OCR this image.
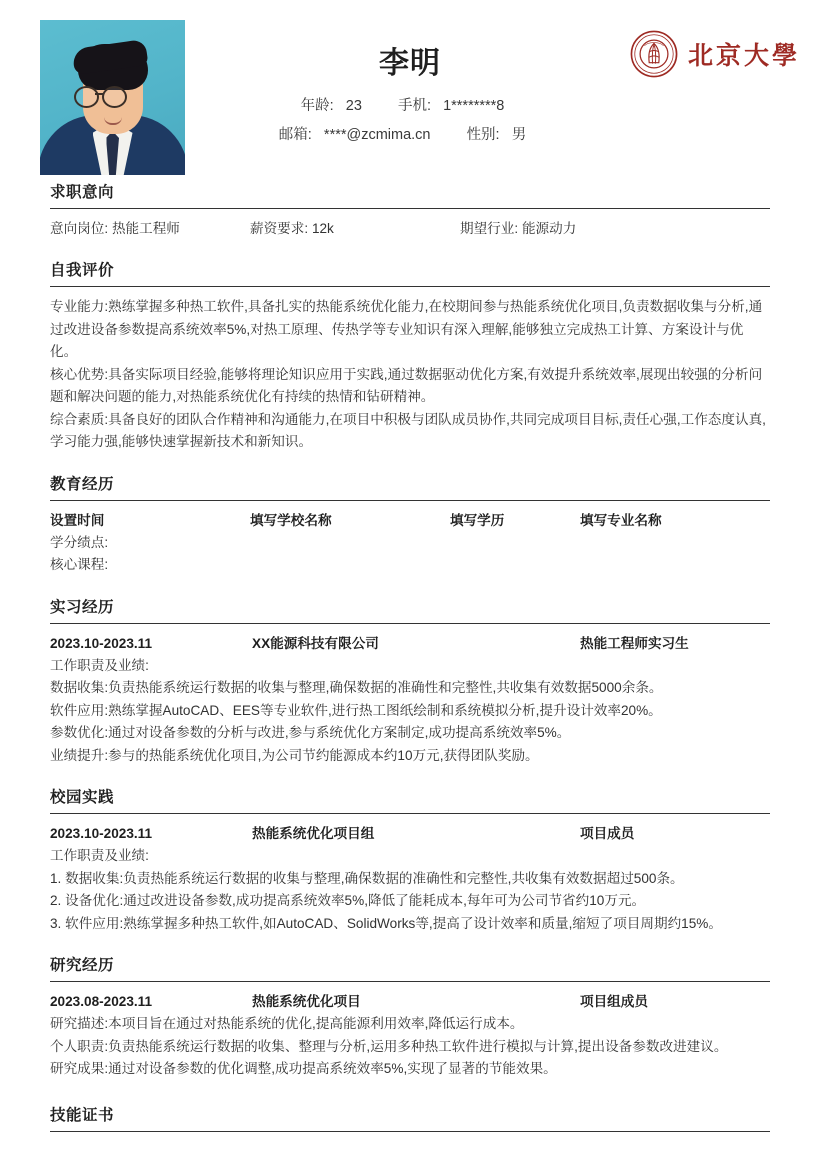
李明
年龄: 23 手机: 1********8
邮箱: ****@zcmima.cn 性别: 男
北京大學
求职意向
意向岗位: 热能工程师	薪资要求: 12k	期望行业: 能源动力
自我评价
专业能力:熟练掌握多种热工软件,具备扎实的热能系统优化能力,在校期间参与热能系统优化项目,负责数据收集与分析,通过改进设备参数提高系统效率5%,对热工原理、传热学等专业知识有深入理解,能够独立完成热工计算、方案设计与优化。
核心优势:具备实际项目经验,能够将理论知识应用于实践,通过数据驱动优化方案,有效提升系统效率,展现出较强的分析问题和解决问题的能力,对热能系统优化有持续的热情和钻研精神。
综合素质:具备良好的团队合作精神和沟通能力,在项目中积极与团队成员协作,共同完成项目目标,责任心强,工作态度认真,学习能力强,能够快速掌握新技术和新知识。
教育经历
设置时间	填写学校名称	填写学历	填写专业名称
学分绩点:
核心课程:
实习经历
2023.10-2023.11	XX能源科技有限公司	热能工程师实习生
工作职责及业绩:
数据收集:负责热能系统运行数据的收集与整理,确保数据的准确性和完整性,共收集有效数据5000余条。
软件应用:熟练掌握AutoCAD、EES等专业软件,进行热工图纸绘制和系统模拟分析,提升设计效率20%。
参数优化:通过对设备参数的分析与改进,参与系统优化方案制定,成功提高系统效率5%。
业绩提升:参与的热能系统优化项目,为公司节约能源成本约10万元,获得团队奖励。
校园实践
2023.10-2023.11	热能系统优化项目组	项目成员
工作职责及业绩:
1. 数据收集:负责热能系统运行数据的收集与整理,确保数据的准确性和完整性,共收集有效数据超过500条。
2. 设备优化:通过改进设备参数,成功提高系统效率5%,降低了能耗成本,每年可为公司节省约10万元。
3. 软件应用:熟练掌握多种热工软件,如AutoCAD、SolidWorks等,提高了设计效率和质量,缩短了项目周期约15%。
研究经历
2023.08-2023.11	热能系统优化项目	项目组成员
研究描述:本项目旨在通过对热能系统的优化,提高能源利用效率,降低运行成本。
个人职责:负责热能系统运行数据的收集、整理与分析,运用多种热工软件进行模拟与计算,提出设备参数改进建议。
研究成果:通过对设备参数的优化调整,成功提高系统效率5%,实现了显著的节能效果。
技能证书
